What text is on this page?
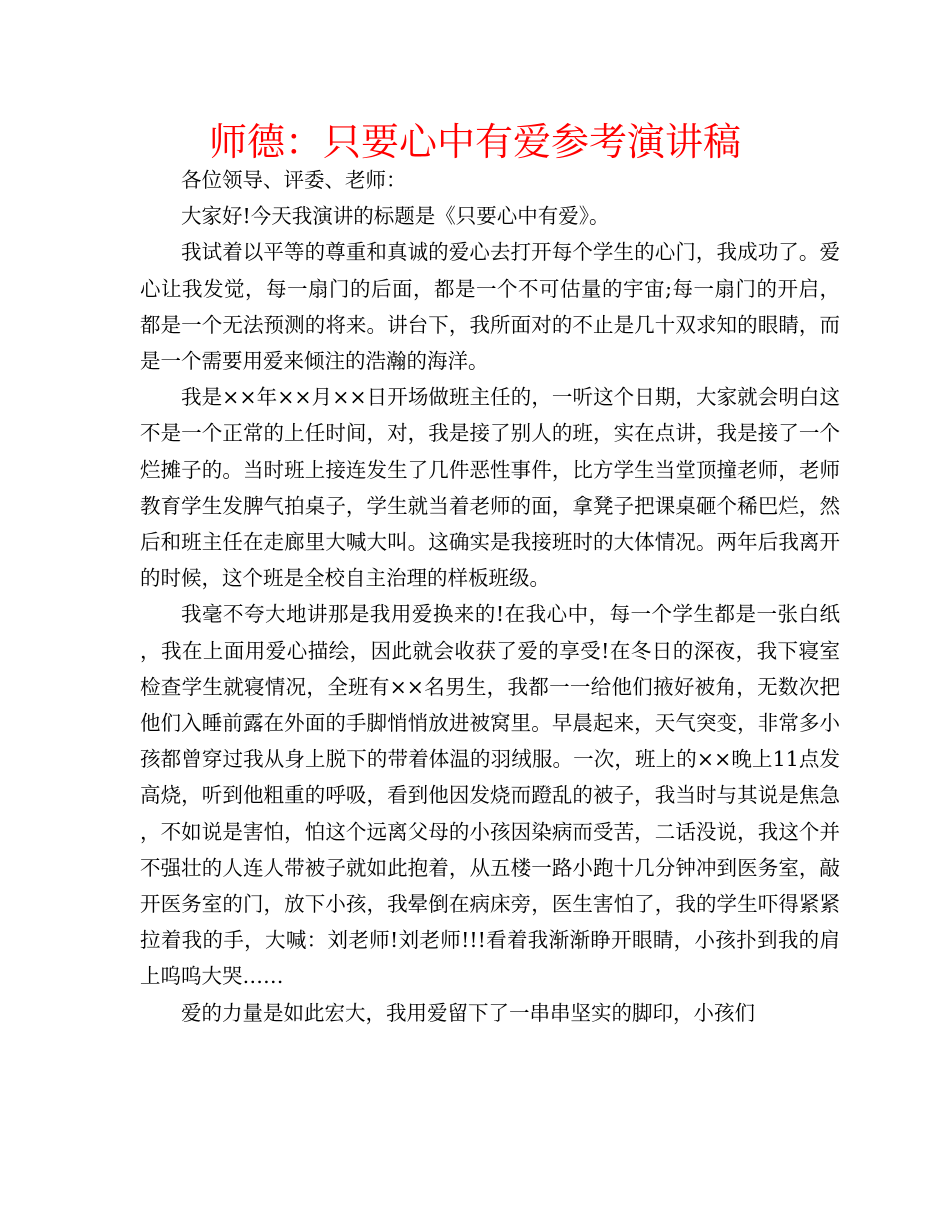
师德：只要心中有爱参考演讲稿

各位领导、评委、老师：

大家好!今天我演讲的标题是《只要心中有爱》。

我试着以平等的尊重和真诚的爱心去打开每个学生的心门，我成功了。爱心让我发觉，每一扇门的后面，都是一个不可估量的宇宙;每一扇门的开启，都是一个无法预测的将来。讲台下，我所面对的不止是几十双求知的眼睛，而是一个需要用爱来倾注的浩瀚的海洋。

我是××年××月××日开场做班主任的，一听这个日期，大家就会明白这不是一个正常的上任时间，对，我是接了别人的班，实在点讲，我是接了一个烂摊子的。当时班上接连发生了几件恶性事件，比方学生当堂顶撞老师，老师教育学生发脾气拍桌子，学生就当着老师的面，拿凳子把课桌砸个稀巴烂，然后和班主任在走廊里大喊大叫。这确实是我接班时的大体情况。两年后我离开的时候，这个班是全校自主治理的样板班级。

我毫不夸大地讲那是我用爱换来的!在我心中，每一个学生都是一张白纸，我在上面用爱心描绘，因此就会收获了爱的享受!在冬日的深夜，我下寝室检查学生就寝情况，全班有××名男生，我都一一给他们掖好被角，无数次把他们入睡前露在外面的手脚悄悄放进被窝里。早晨起来，天气突变，非常多小孩都曾穿过我从身上脱下的带着体温的羽绒服。一次，班上的××晚上11点发高烧，听到他粗重的呼吸，看到他因发烧而蹬乱的被子，我当时与其说是焦急，不如说是害怕，怕这个远离父母的小孩因染病而受苦，二话没说，我这个并不强壮的人连人带被子就如此抱着，从五楼一路小跑十几分钟冲到医务室，敲开医务室的门，放下小孩，我晕倒在病床旁，医生害怕了，我的学生吓得紧紧拉着我的手，大喊：刘老师!刘老师!!!看着我渐渐睁开眼睛，小孩扑到我的肩上呜呜大哭……

爱的力量是如此宏大，我用爱留下了一串串坚实的脚印，小孩们
